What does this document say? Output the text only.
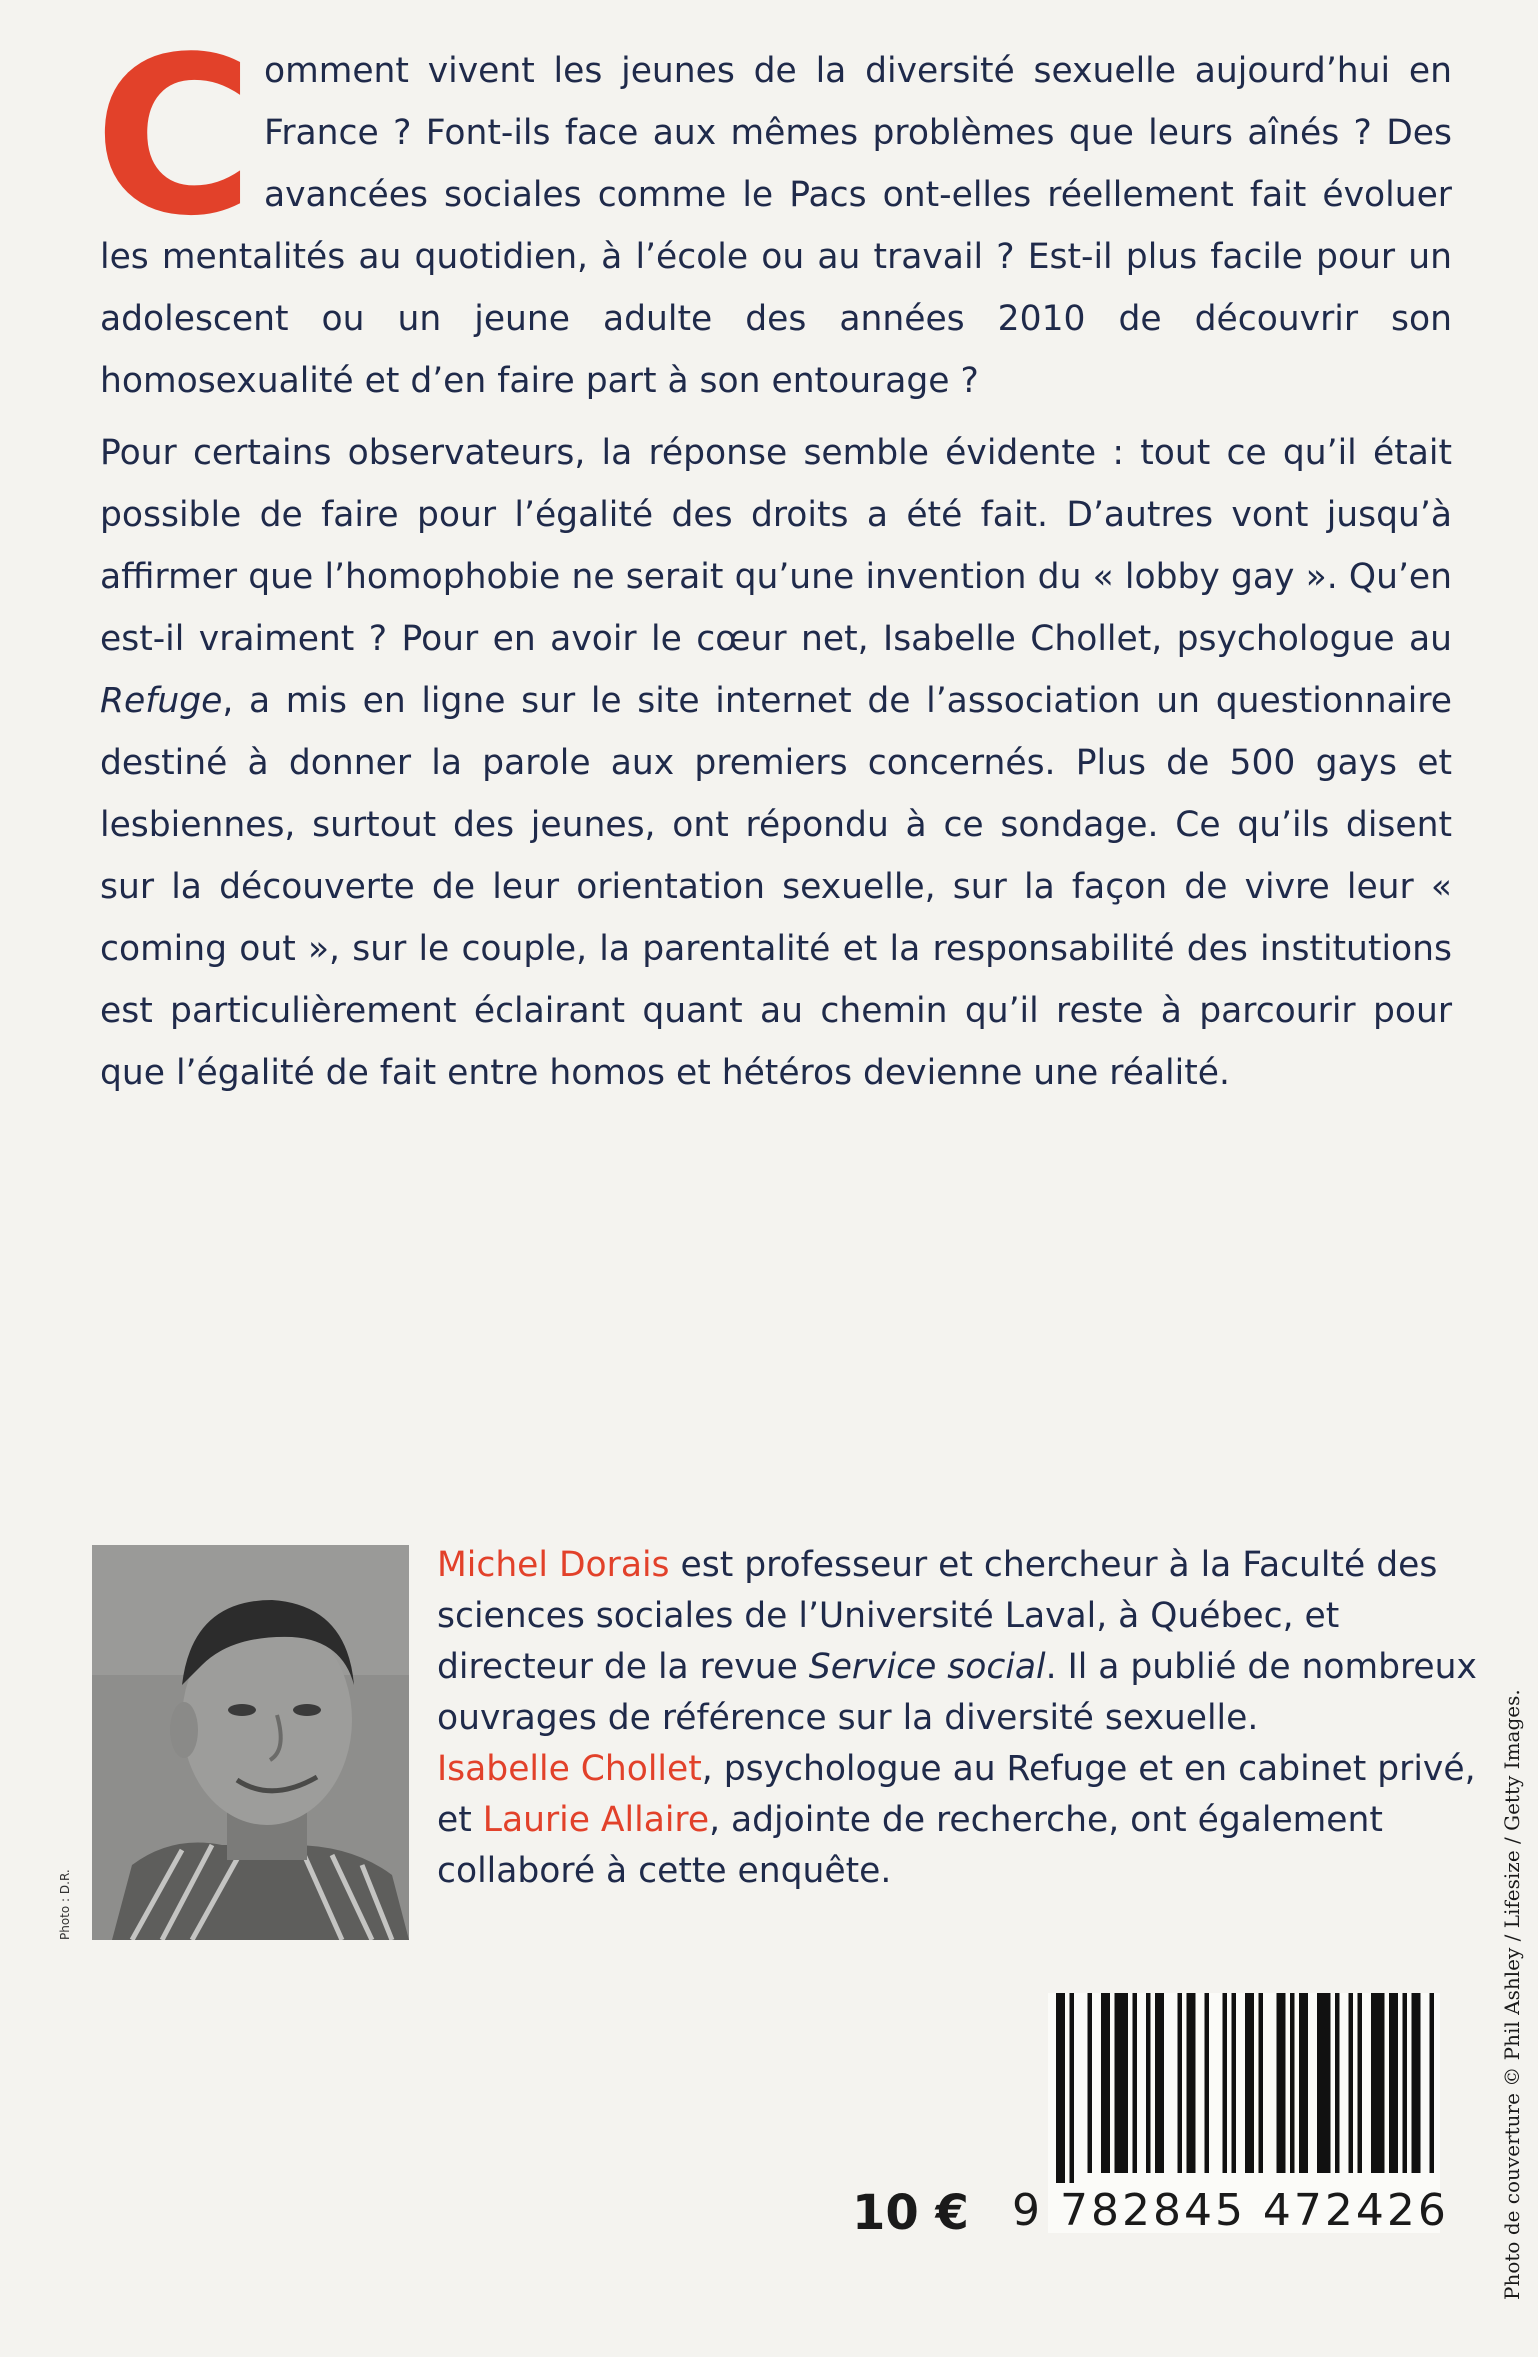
Comment vivent les jeunes de la diversité sexuelle aujourd’hui en France ? Font-ils face aux mêmes problèmes que leurs aînés ? Des avancées sociales comme le Pacs ont-elles réellement fait évoluer les mentalités au quotidien, à l’école ou au travail ? Est-il plus facile pour un adolescent ou un jeune adulte des années 2010 de découvrir son homosexualité et d’en faire part à son entourage ?

Pour certains observateurs, la réponse semble évidente : tout ce qu’il était possible de faire pour l’égalité des droits a été fait. D’autres vont jusqu’à affirmer que l’homophobie ne serait qu’une invention du « lobby gay ». Qu’en est-il vraiment ? Pour en avoir le cœur net, Isabelle Chollet, psychologue au Refuge, a mis en ligne sur le site internet de l’association un questionnaire destiné à donner la parole aux premiers concernés. Plus de 500 gays et lesbiennes, surtout des jeunes, ont répondu à ce sondage. Ce qu’ils disent sur la découverte de leur orientation sexuelle, sur la façon de vivre leur « coming out », sur le couple, la parentalité et la responsabilité des institutions est particulièrement éclairant quant au chemin qu’il reste à parcourir pour que l’égalité de fait entre homos et hétéros devienne une réalité.

Photo : D.R.

Michel Dorais est professeur et chercheur à la Faculté des sciences sociales de l’Université Laval, à Québec, et directeur de la revue Service social. Il a publié de nombreux ouvrages de référence sur la diversité sexuelle.

Isabelle Chollet, psychologue au Refuge et en cabinet privé, et Laurie Allaire, adjointe de recherche, ont également collaboré à cette enquête.	Photo de couverture © Phil Ashley / Lifesize / Getty Images.
10 € 9 782845 472426
